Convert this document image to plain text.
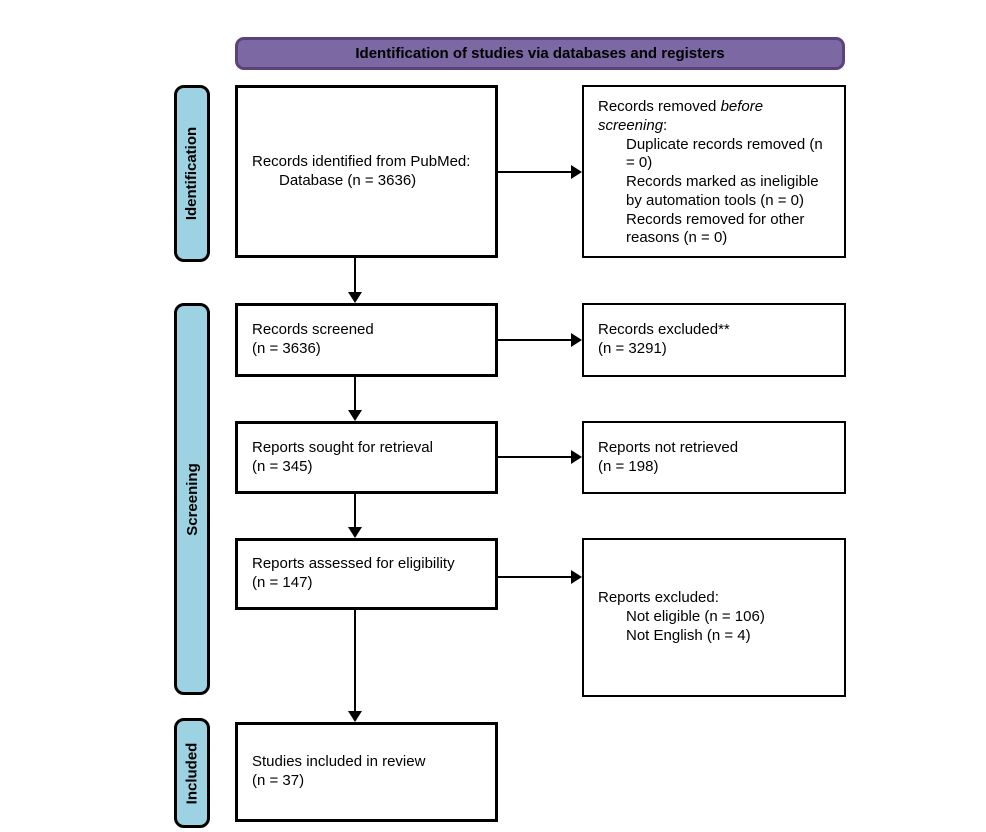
Identification of studies via databases and registers
Identification
Screening
Included
Records identified from PubMed:
Database (n = 3636)
Records screened
(n = 3636)
Reports sought for retrieval
(n = 345)
Reports assessed for eligibility
(n = 147)
Studies included in review
(n = 37)
Records removed before screening:
Duplicate records removed (n = 0)
Records marked as ineligible by automation tools (n = 0)
Records removed for other reasons (n = 0)
Records excluded**
(n = 3291)
Reports not retrieved
(n = 198)
Reports excluded:
Not eligible (n = 106)
Not English (n = 4)
